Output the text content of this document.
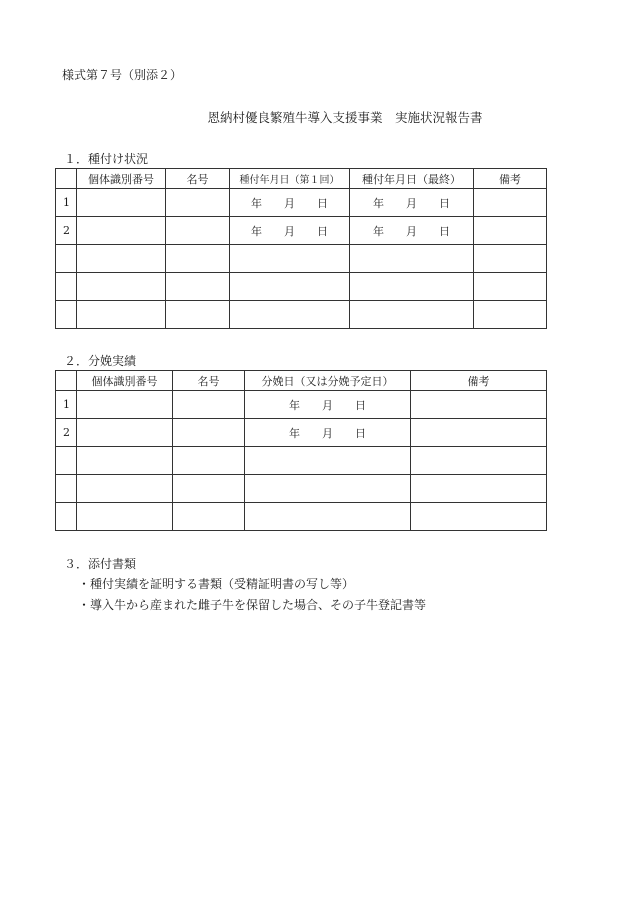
様式第７号（別添２）
恩納村優良繁殖牛導入支援事業　実施状況報告書
１．種付け状況
	個体識別番号	名号	種付年月日（第１回）	種付年月日（最終）	備考
1			年　　月　　日	年　　月　　日	
2			年　　月　　日	年　　月　　日	

２．分娩実績
	個体識別番号	名号	分娩日（又は分娩予定日）	備考
1			年　　月　　日	
2			年　　月　　日	

３．添付書類
・種付実績を証明する書類（受精証明書の写し等）
・導入牛から産まれた雌子牛を保留した場合、その子牛登記書等
